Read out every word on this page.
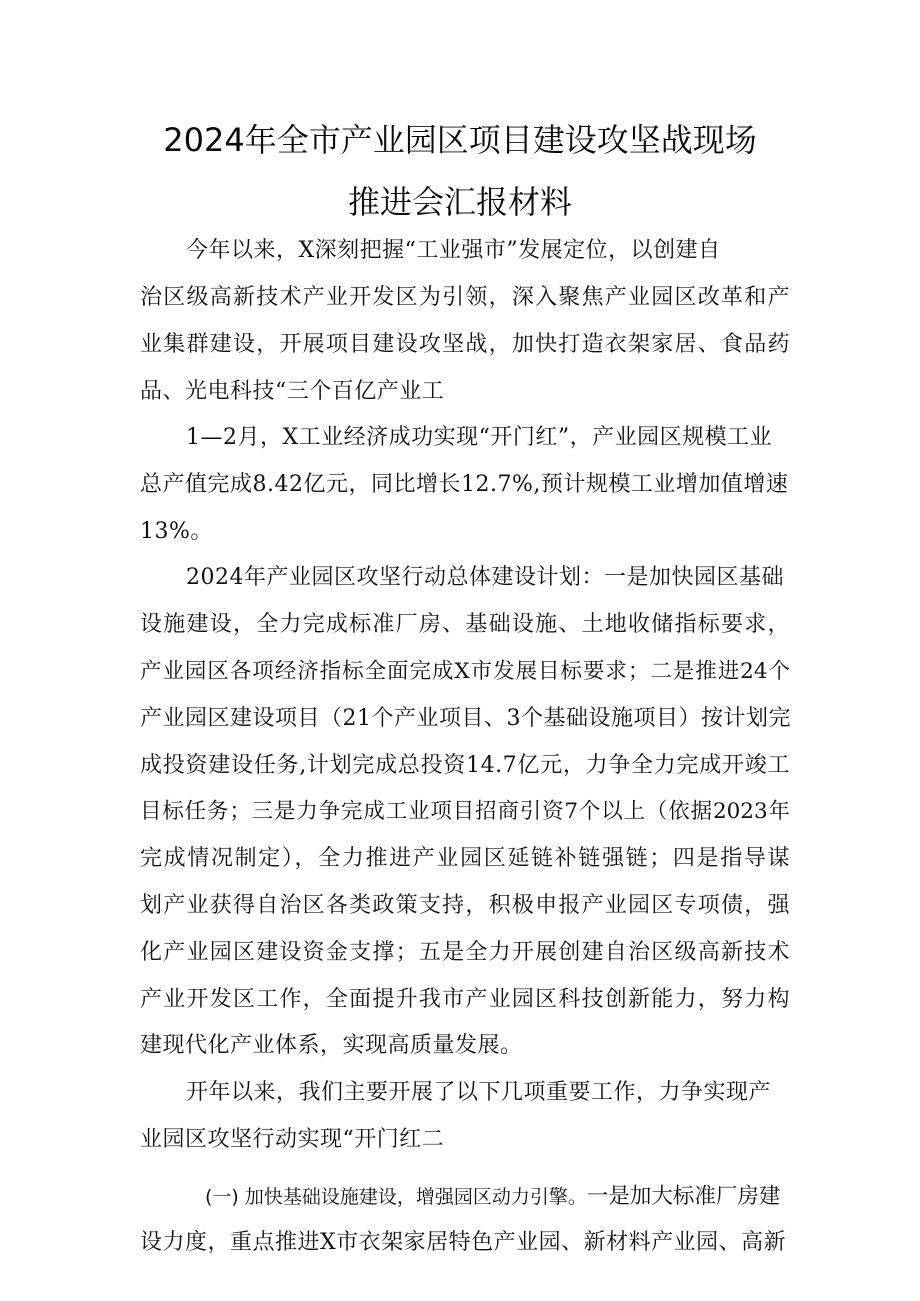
2024年全市产业园区项目建设攻坚战现场
推进会汇报材料
今年以来，X深刻把握“工业强市”发展定位，以创建自
治区级高新技术产业开发区为引领，深入聚焦产业园区改革和产
业集群建设，开展项目建设攻坚战，加快打造衣架家居、食品药
品、光电科技“三个百亿产业工
1—2月，X工业经济成功实现“开门红”，产业园区规模工业
总产值完成8.42亿元，同比增长12.7%,预计规模工业增加值增速
13%。
2024年产业园区攻坚行动总体建设计划：一是加快园区基础
设施建设，全力完成标准厂房、基础设施、土地收储指标要求，
产业园区各项经济指标全面完成X市发展目标要求；二是推进24个
产业园区建设项目（21个产业项目、3个基础设施项目）按计划完
成投资建设任务,计划完成总投资14.7亿元，力争全力完成开竣工
目标任务；三是力争完成工业项目招商引资7个以上（依据2023年
完成情况制定），全力推进产业园区延链补链强链；四是指导谋
划产业获得自治区各类政策支持，积极申报产业园区专项债，强
化产业园区建设资金支撑；五是全力开展创建自治区级高新技术
产业开发区工作，全面提升我市产业园区科技创新能力，努力构
建现代化产业体系，实现高质量发展。
开年以来，我们主要开展了以下几项重要工作，力争实现产
业园区攻坚行动实现“开门红二
(一) 加快基础设施建设，增强园区动力引擎。一是加大标准厂房建
设力度，重点推进X市衣架家居特色产业园、新材料产业园、高新
